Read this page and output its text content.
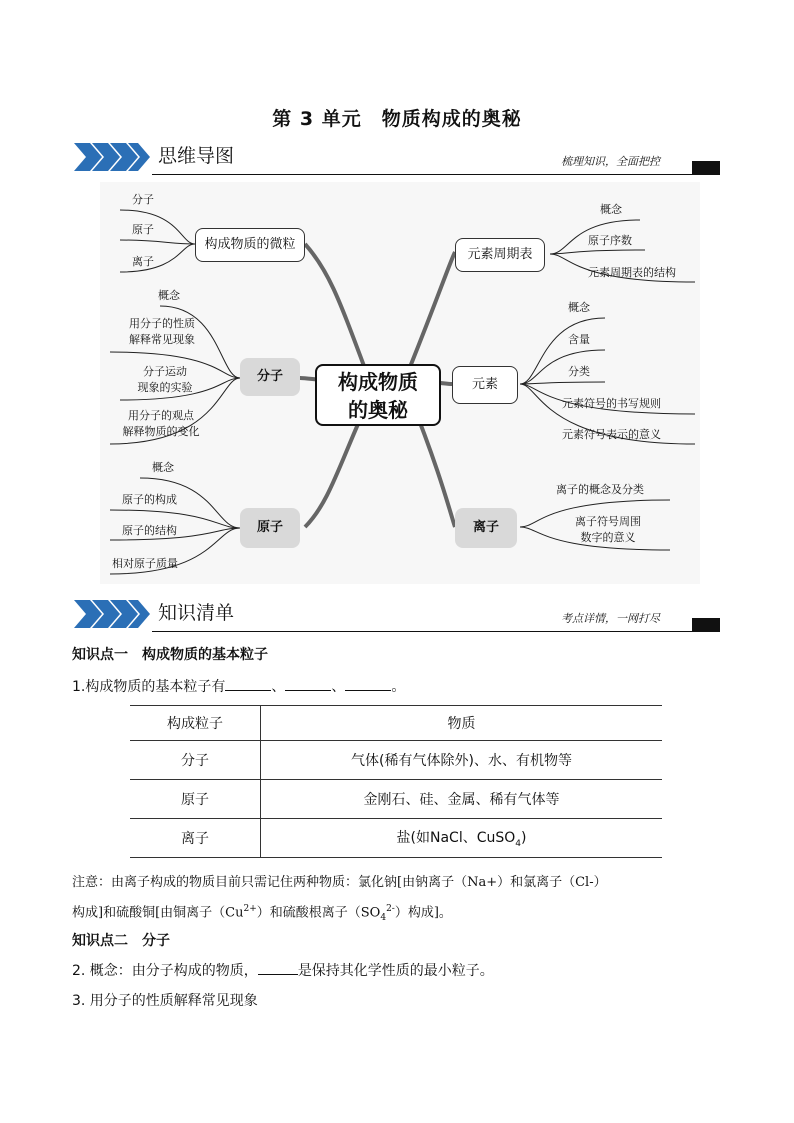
第 3 单元　物质构成的奥秘
思维导图	梳理知识，全面把控
构成物质
的奥秘
构成物质的微粒
分子
原子
离子
分子
概念
用分子的性质
解释常见现象
分子运动
现象的实验
用分子的观点
解释物质的变化
原子
概念
原子的构成
原子的结构
相对原子质量
元素周期表
概念
原子序数
元素周期表的结构
元素
概念
含量
分类
元素符号的书写规则
元素符号表示的意义
离子
离子的概念及分类
离子符号周围
数字的意义
知识清单	考点详情，一网打尽
知识点一　构成物质的基本粒子
1.构成物质的基本粒子有	、	、	。
构成粒子	物质
分子	气体(稀有气体除外)、水、有机物等
原子	金刚石、硅、金属、稀有气体等
离子	盐(如NaCl、CuSO$_4$)
注意：由离子构成的物质目前只需记住两种物质：氯化钠[由钠离子（Na+）和氯离子（Cl-）
构成]和硫酸铜[由铜离子$(Cu^{2+})$和硫酸根离子$(SO_4^{2-})$构成]。
知识点二　分子
2. 概念：由分子构成的物质，	是保持其化学性质的最小粒子。
3. 用分子的性质解释常见现象
